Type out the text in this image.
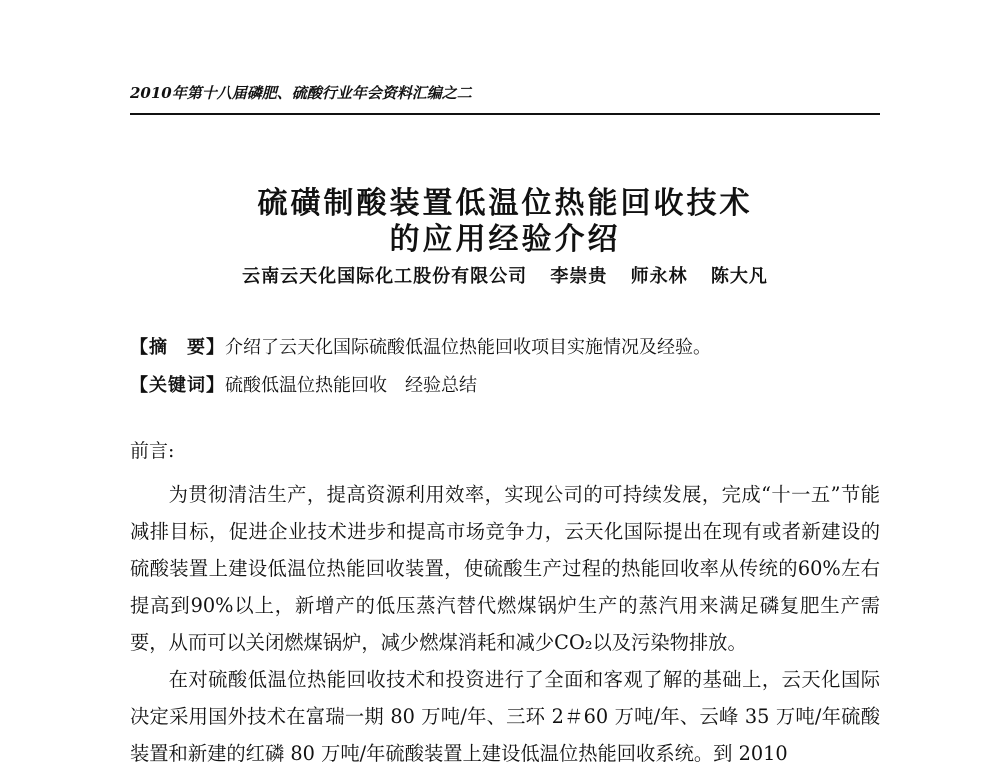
2010年第十八届磷肥、硫酸行业年会资料汇编之二
硫磺制酸装置低温位热能回收技术
的应用经验介绍
云南云天化国际化工股份有限公司 李崇贵 师永林 陈大凡
【摘　要】介绍了云天化国际硫酸低温位热能回收项目实施情况及经验。
【关键词】硫酸低温位热能回收　经验总结
前言:

为贯彻清洁生产，提高资源利用效率，实现公司的可持续发展，完成“十一五”节能减排目标，促进企业技术进步和提高市场竞争力，云天化国际提出在现有或者新建设的硫酸装置上建设低温位热能回收装置，使硫酸生产过程的热能回收率从传统的60%左右提高到90%以上，新增产的低压蒸汽替代燃煤锅炉生产的蒸汽用来满足磷复肥生产需要，从而可以关闭燃煤锅炉，减少燃煤消耗和减少CO₂以及污染物排放。

在对硫酸低温位热能回收技术和投资进行了全面和客观了解的基础上，云天化国际决定采用国外技术在富瑞一期 80 万吨/年、三环 2＃60 万吨/年、云峰 35 万吨/年硫酸装置和新建的红磷 80 万吨/年硫酸装置上建设低温位热能回收系统。到 2010
